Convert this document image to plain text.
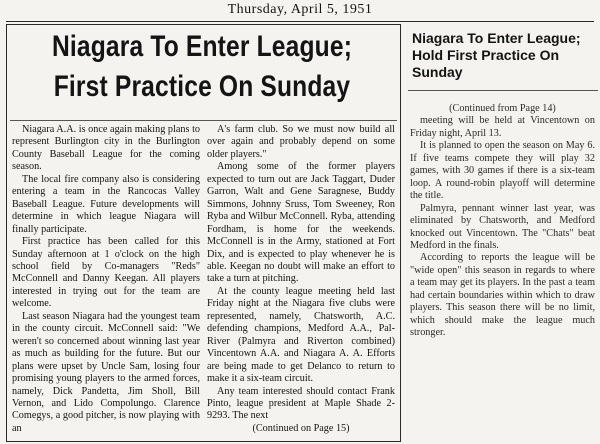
Thursday, April 5, 1951
Niagara To Enter League;
First Practice On Sunday

Niagara A.A. is once again making plans to represent Burlington city in the Burlington County Baseball League for the coming season.

The local fire company also is considering entering a team in the Rancocas Valley Baseball League. Future developments will determine in which league Niagara will finally participate.

First practice has been called for this Sunday afternoon at 1 o'clock on the high school field by Co-managers "Reds" McConnell and Danny Keegan. All players interested in trying out for the team are welcome.

Last season Niagara had the youngest team in the county circuit. McConnell said: "We weren't so concerned about winning last year as much as building for the future. But our plans were upset by Uncle Sam, losing four promising young players to the armed forces, namely, Dick Pandetta, Jim Sholl, Bill Vernon, and Lido Compolungo. Clarence Comegys, a good pitcher, is now playing with an

A's farm club. So we must now build all over again and probably depend on some older players."

Among some of the former players expected to turn out are Jack Taggart, Duder Garron, Walt and Gene Saragnese, Buddy Simmons, Johnny Sruss, Tom Sweeney, Ron Ryba and Wilbur McConnell. Ryba, attending Fordham, is home for the weekends. McConnell is in the Army, stationed at Fort Dix, and is expected to play whenever he is able. Keegan no doubt will make an effort to take a turn at pitching.

At the county league meeting held last Friday night at the Niagara five clubs were represented, namely, Chatsworth, A.C. defending champions, Medford A.A., Pal-River (Palmyra and Riverton combined) Vincentown A.A. and Niagara A. A. Efforts are being made to get Delanco to return to make it a six-team circuit.

Any team interested should contact Frank Pinto, league president at Maple Shade 2-9293. The next

(Continued on Page 15)

Niagara To Enter League; Hold First Practice On Sunday

(Continued from Page 14)

meeting will be held at Vincentown on Friday night, April 13.

It is planned to open the season on May 6. If five teams compete they will play 32 games, with 30 games if there is a six-team loop. A round-robin playoff will determine the title.

Palmyra, pennant winner last year, was eliminated by Chatsworth, and Medford knocked out Vincentown. The "Chats" beat Medford in the finals.

According to reports the league will be "wide open" this season in regards to where a team may get its players. In the past a team had certain boundaries within which to draw players. This season there will be no limit, which should make the league much stronger.
